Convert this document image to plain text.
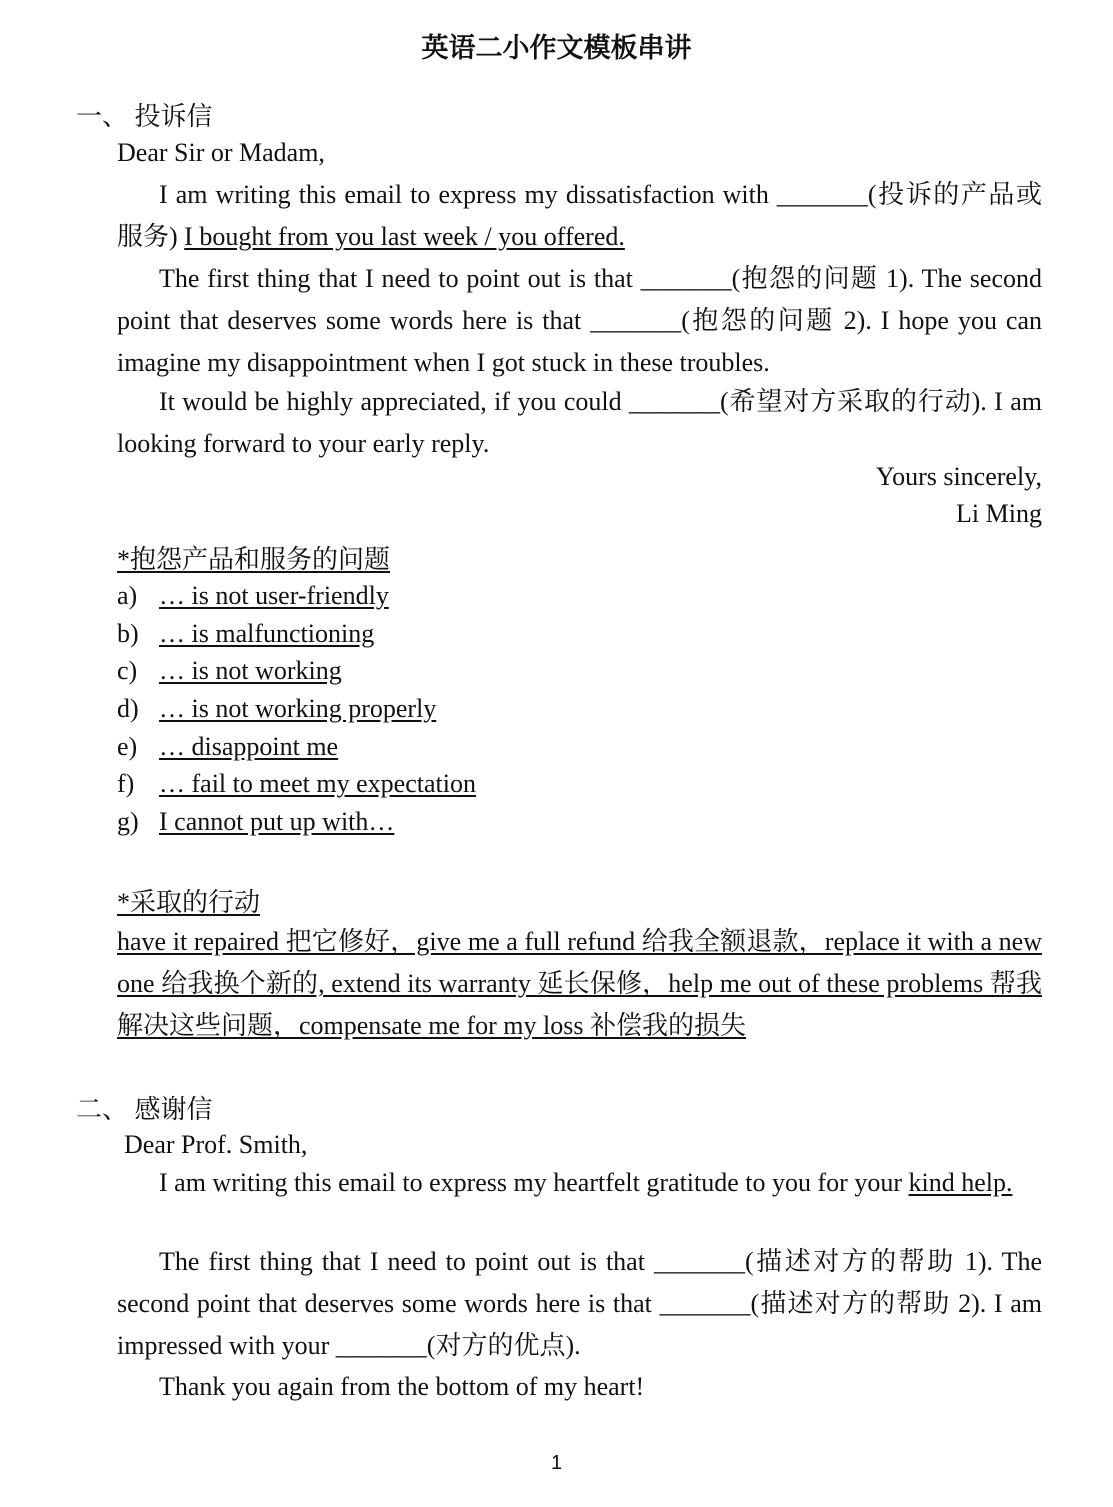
英语二小作文模板串讲
一、 投诉信
Dear Sir or Madam,
I am writing this email to express my dissatisfaction with _______(投诉的产品或服务) I bought from you last week / you offered.
The first thing that I need to point out is that _______(抱怨的问题 1). The second point that deserves some words here is that _______(抱怨的问题 2). I hope you can imagine my disappointment when I got stuck in these troubles.
It would be highly appreciated, if you could _______(希望对方采取的行动). I am looking forward to your early reply.
Yours sincerely,
Li Ming
*抱怨产品和服务的问题
a) … is not user-friendly
b) … is malfunctioning
c) … is not working
d) … is not working properly
e) … disappoint me
f) … fail to meet my expectation
g) I cannot put up with…
*采取的行动
have it repaired 把它修好，give me a full refund 给我全额退款，replace it with a new one 给我换个新的, extend its warranty 延长保修，help me out of these problems 帮我解决这些问题，compensate me for my loss 补偿我的损失
二、 感谢信
Dear Prof. Smith,
I am writing this email to express my heartfelt gratitude to you for your kind help.
The first thing that I need to point out is that _______(描述对方的帮助 1). The second point that deserves some words here is that _______(描述对方的帮助 2). I am impressed with your _______(对方的优点).
Thank you again from the bottom of my heart!
1
